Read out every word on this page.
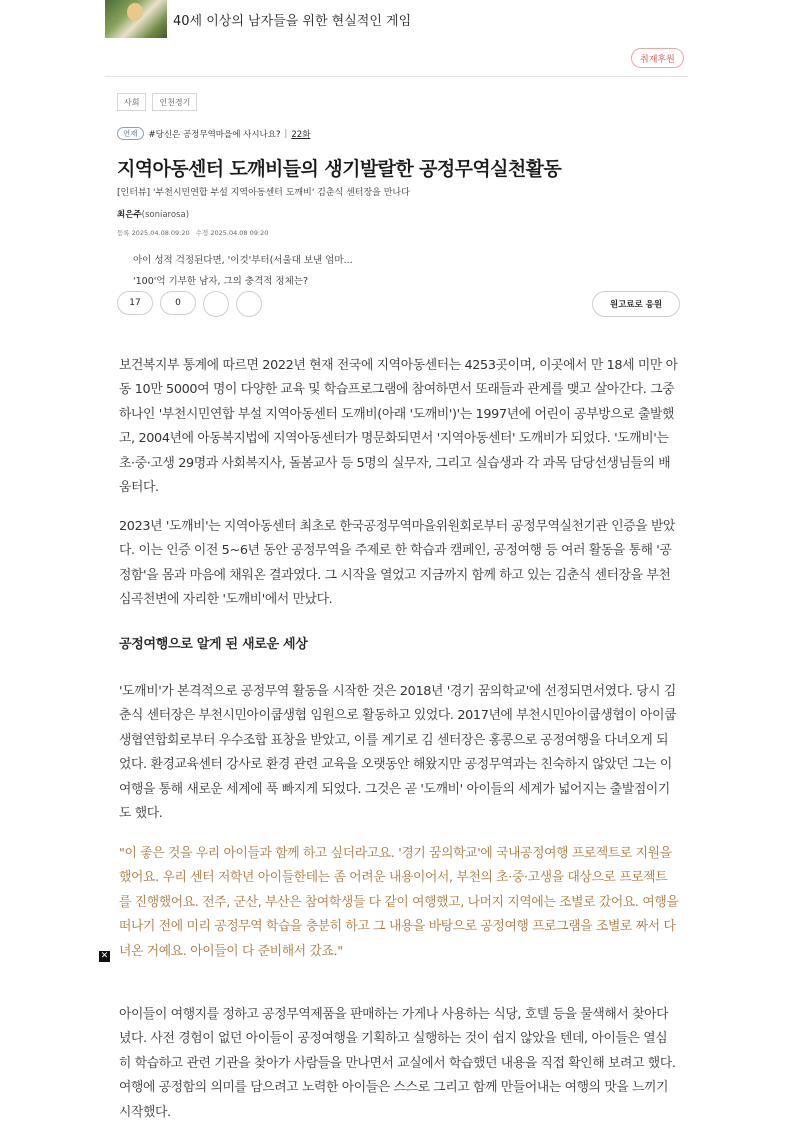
40세 이상의 남자들을 위한 현실적인 게임
취재후원
사회	인천경기
연재	#당신은 공정무역마을에 사시나요? | 22화
지역아동센터 도깨비들의 생기발랄한 공정무역실천활동
[인터뷰] '부천시민연합 부설 지역아동센터 도깨비' 김춘식 센터장을 만나다
최은주(soniarosa)
등록 2025.04.08 09:20 수정 2025.04.08 09:20
아이 성적 걱정된다면, '이것'부터(서울대 보낸 엄마...
'100'억 기부한 남자, 그의 충격적 정체는?
17	0	원고료로 응원

보건복지부 통계에 따르면 2022년 현재 전국에 지역아동센터는 4253곳이며, 이곳에서 만 18세 미만 아동 10만 5000여 명이 다양한 교육 및 학습프로그램에 참여하면서 또래들과 관계를 맺고 살아간다. 그중 하나인 '부천시민연합 부설 지역아동센터 도깨비(아래 '도깨비')'는 1997년에 어린이 공부방으로 출발했고, 2004년에 아동복지법에 지역아동센터가 명문화되면서 '지역아동센터' 도깨비가 되었다. '도깨비'는 초·중·고생 29명과 사회복지사, 돌봄교사 등 5명의 실무자, 그리고 실습생과 각 과목 담당선생님들의 배움터다.

2023년 '도깨비'는 지역아동센터 최초로 한국공정무역마을위원회로부터 공정무역실천기관 인증을 받았다. 이는 인증 이전 5~6년 동안 공정무역을 주제로 한 학습과 캠페인, 공정여행 등 여러 활동을 통해 '공정함'을 몸과 마음에 채워온 결과였다. 그 시작을 열었고 지금까지 함께 하고 있는 김춘식 센터장을 부천 심곡천변에 자리한 '도깨비'에서 만났다.

공정여행으로 알게 된 새로운 세상

'도깨비'가 본격적으로 공정무역 활동을 시작한 것은 2018년 '경기 꿈의학교'에 선정되면서였다. 당시 김춘식 센터장은 부천시민아이쿱생협 임원으로 활동하고 있었다. 2017년에 부천시민아이쿱생협이 아이쿱생협연합회로부터 우수조합 표창을 받았고, 이를 계기로 김 센터장은 홍콩으로 공정여행을 다녀오게 되었다. 환경교육센터 강사로 환경 관련 교육을 오랫동안 해왔지만 공정무역과는 친숙하지 않았던 그는 이 여행을 통해 새로운 세계에 푹 빠지게 되었다. 그것은 곧 '도깨비' 아이들의 세계가 넓어지는 출발점이기도 했다.

"이 좋은 것을 우리 아이들과 함께 하고 싶더라고요. '경기 꿈의학교'에 국내공정여행 프로젝트로 지원을 했어요. 우리 센터 저학년 아이들한테는 좀 어려운 내용이어서, 부천의 초·중·고생을 대상으로 프로젝트를 진행했어요. 전주, 군산, 부산은 참여학생들 다 같이 여행했고, 나머지 지역에는 조별로 갔어요. 여행을 떠나기 전에 미리 공정무역 학습을 충분히 하고 그 내용을 바탕으로 공정여행 프로그램을 조별로 짜서 다녀온 거예요. 아이들이 다 준비해서 갔죠."

아이들이 여행지를 정하고 공정무역제품을 판매하는 가게나 사용하는 식당, 호텔 등을 물색해서 찾아다녔다. 사전 경험이 없던 아이들이 공정여행을 기획하고 실행하는 것이 쉽지 않았을 텐데, 아이들은 열심히 학습하고 관련 기관을 찾아가 사람들을 만나면서 교실에서 학습했던 내용을 직접 확인해 보려고 했다. 여행에 공정함의 의미를 담으려고 노력한 아이들은 스스로 그리고 함께 만들어내는 여행의 맛을 느끼기 시작했다.

✕
